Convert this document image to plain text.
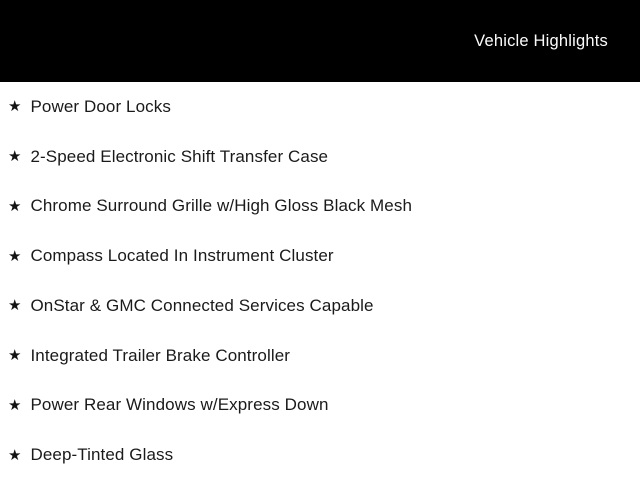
Vehicle Highlights
★ Power Door Locks
★ 2-Speed Electronic Shift Transfer Case
★ Chrome Surround Grille w/High Gloss Black Mesh
★ Compass Located In Instrument Cluster
★ OnStar & GMC Connected Services Capable
★ Integrated Trailer Brake Controller
★ Power Rear Windows w/Express Down
★ Deep-Tinted Glass
